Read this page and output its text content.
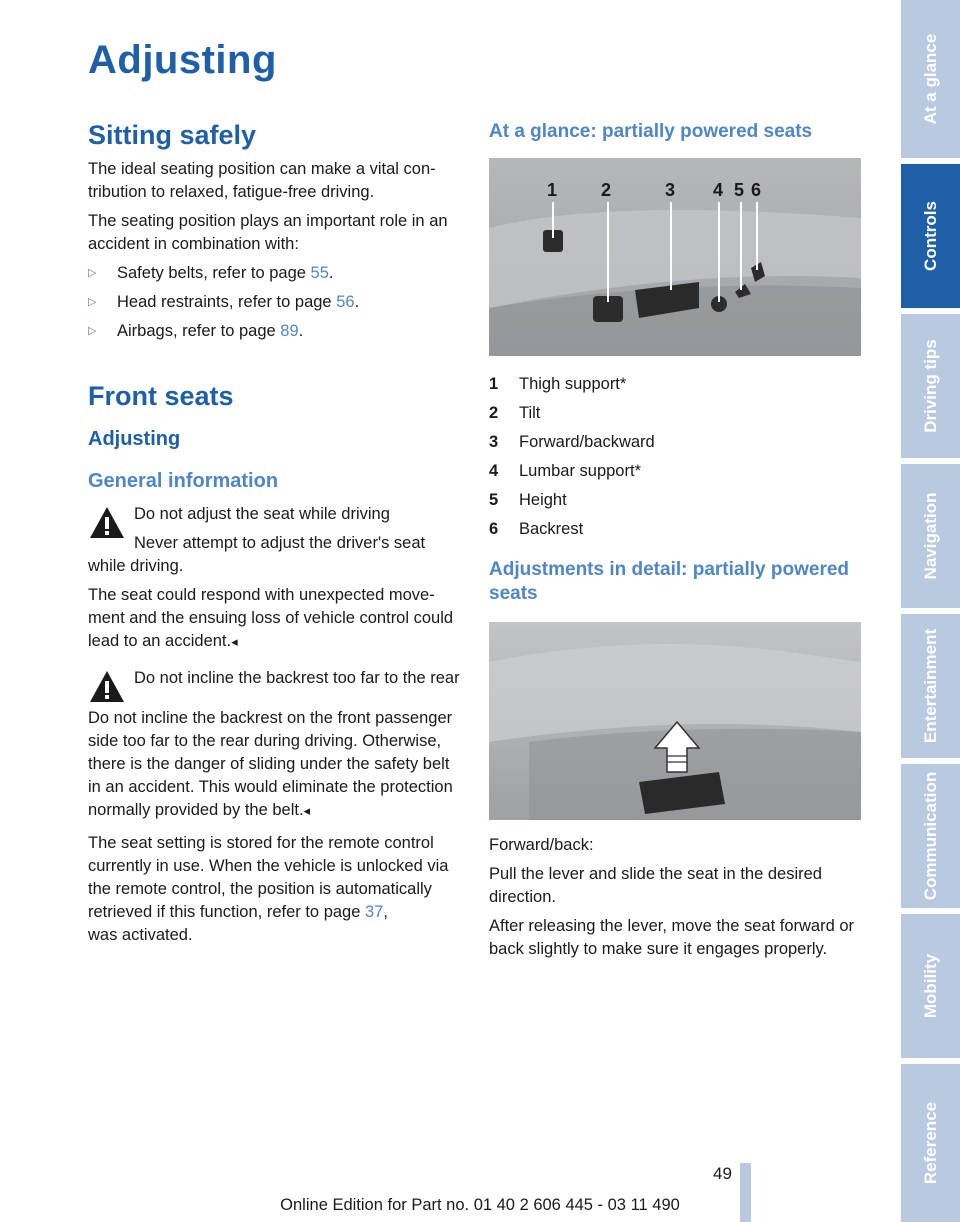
Adjusting
Sitting safely

The ideal seating position can make a vital contribution to relaxed, fatigue-free driving.

The seating position plays an important role in an accident in combination with:

▷ Safety belts, refer to page 55.
▷ Head restraints, refer to page 56.
▷ Airbags, refer to page 89.
Front seats
Adjusting
General information

Do not adjust the seat while driving

Never attempt to adjust the driver's seat while driving.

The seat could respond with unexpected movement and the ensuing loss of vehicle control could lead to an accident.◂

Do not incline the backrest too far to the rear

Do not incline the backrest on the front passenger side too far to the rear during driving. Otherwise, there is the danger of sliding under the safety belt in an accident. This would eliminate the protection normally provided by the belt.◂

The seat setting is stored for the remote control currently in use. When the vehicle is unlocked via the remote control, the position is automatically retrieved if this function, refer to page 37,
was activated.

At a glance: partially powered seats
1 2	3 4 5 6
1	Thigh support*
2	Tilt
3	Forward/backward
4	Lumbar support*
5	Height
6	Backrest
Adjustments in detail: partially powered seats

Forward/back:

Pull the lever and slide the seat in the desired direction.

After releasing the lever, move the seat forward or back slightly to make sure it engages properly.

At a glance
Controls
Driving tips
Navigation
Entertainment
Communication
Mobility
Reference
49
Online Edition for Part no. 01 40 2 606 445 - 03 11 490
